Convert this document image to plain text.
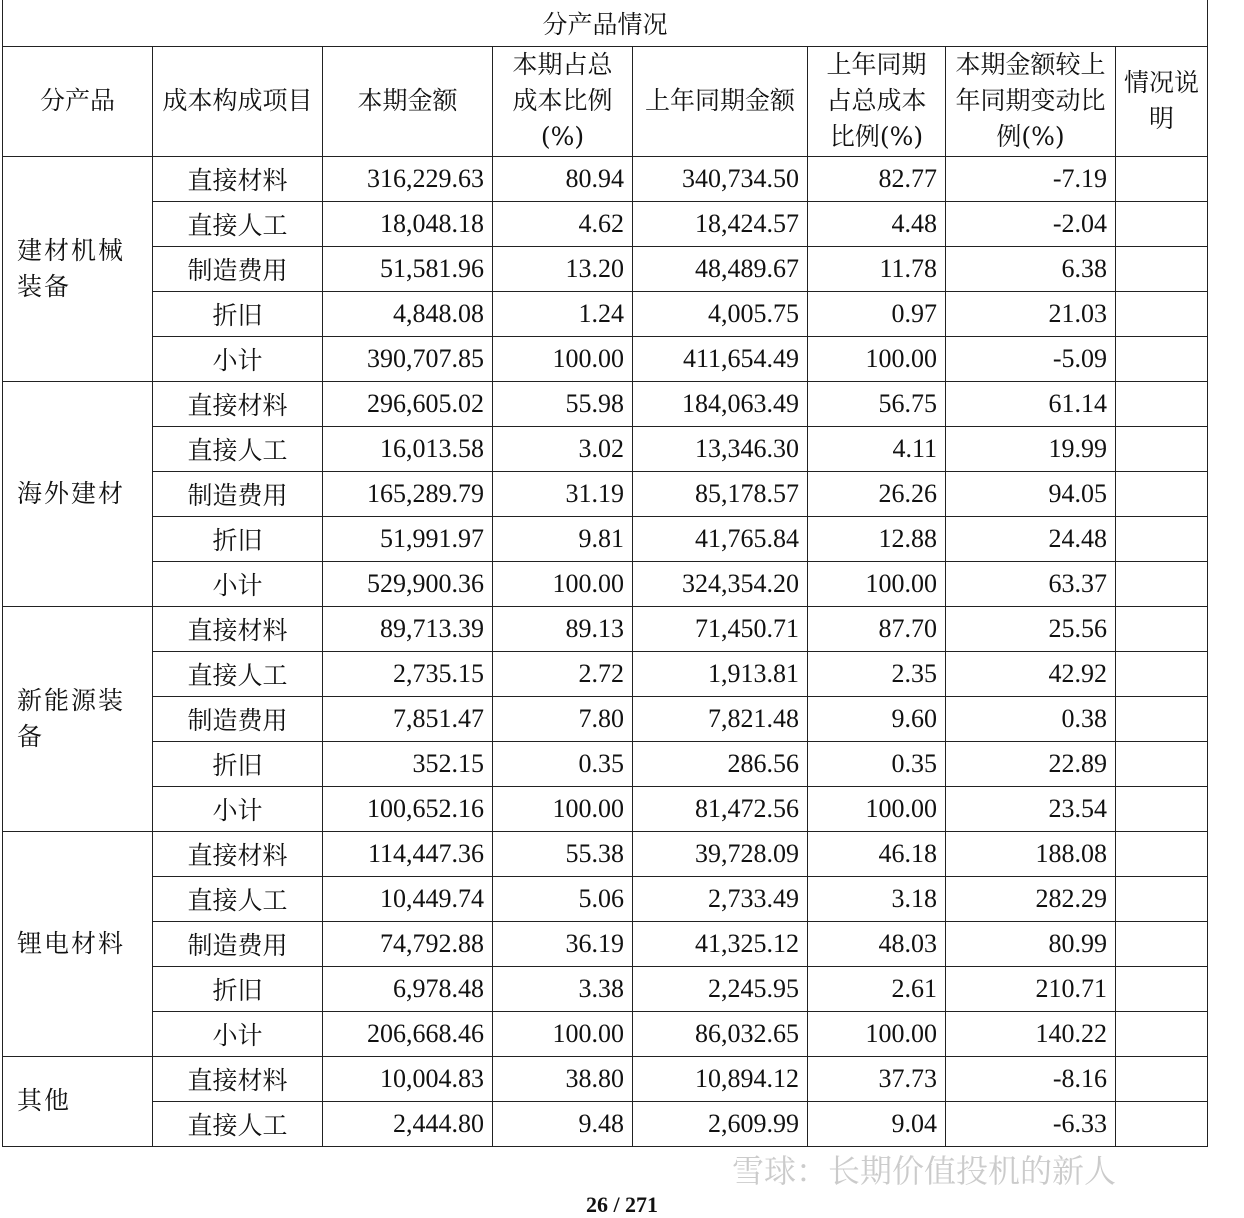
分产品情况							
分产品	成本构成项目	本期金额	本期占总成本比例(%)	上年同期金额	上年同期占总成本比例(%)	本期金额较上年同期变动比例(%)	情况说明
建材机械装备	直接材料	316,229.63	80.94	340,734.50	82.77	-7.19	
	直接人工	18,048.18	4.62	18,424.57	4.48	-2.04	
	制造费用	51,581.96	13.20	48,489.67	11.78	6.38	
	折旧	4,848.08	1.24	4,005.75	0.97	21.03	
	小计	390,707.85	100.00	411,654.49	100.00	-5.09	
海外建材	直接材料	296,605.02	55.98	184,063.49	56.75	61.14	
	直接人工	16,013.58	3.02	13,346.30	4.11	19.99	
	制造费用	165,289.79	31.19	85,178.57	26.26	94.05	
	折旧	51,991.97	9.81	41,765.84	12.88	24.48	
	小计	529,900.36	100.00	324,354.20	100.00	63.37	
新能源装备	直接材料	89,713.39	89.13	71,450.71	87.70	25.56	
	直接人工	2,735.15	2.72	1,913.81	2.35	42.92	
	制造费用	7,851.47	7.80	7,821.48	9.60	0.38	
	折旧	352.15	0.35	286.56	0.35	22.89	
	小计	100,652.16	100.00	81,472.56	100.00	23.54	
锂电材料	直接材料	114,447.36	55.38	39,728.09	46.18	188.08	
	直接人工	10,449.74	5.06	2,733.49	3.18	282.29	
	制造费用	74,792.88	36.19	41,325.12	48.03	80.99	
	折旧	6,978.48	3.38	2,245.95	2.61	210.71	
	小计	206,668.46	100.00	86,032.65	100.00	140.22	
其他	直接材料	10,004.83	38.80	10,894.12	37.73	-8.16	
	直接人工	2,444.80	9.48	2,609.99	9.04	-6.33	
雪球：长期价值投机的新人
26 / 271
